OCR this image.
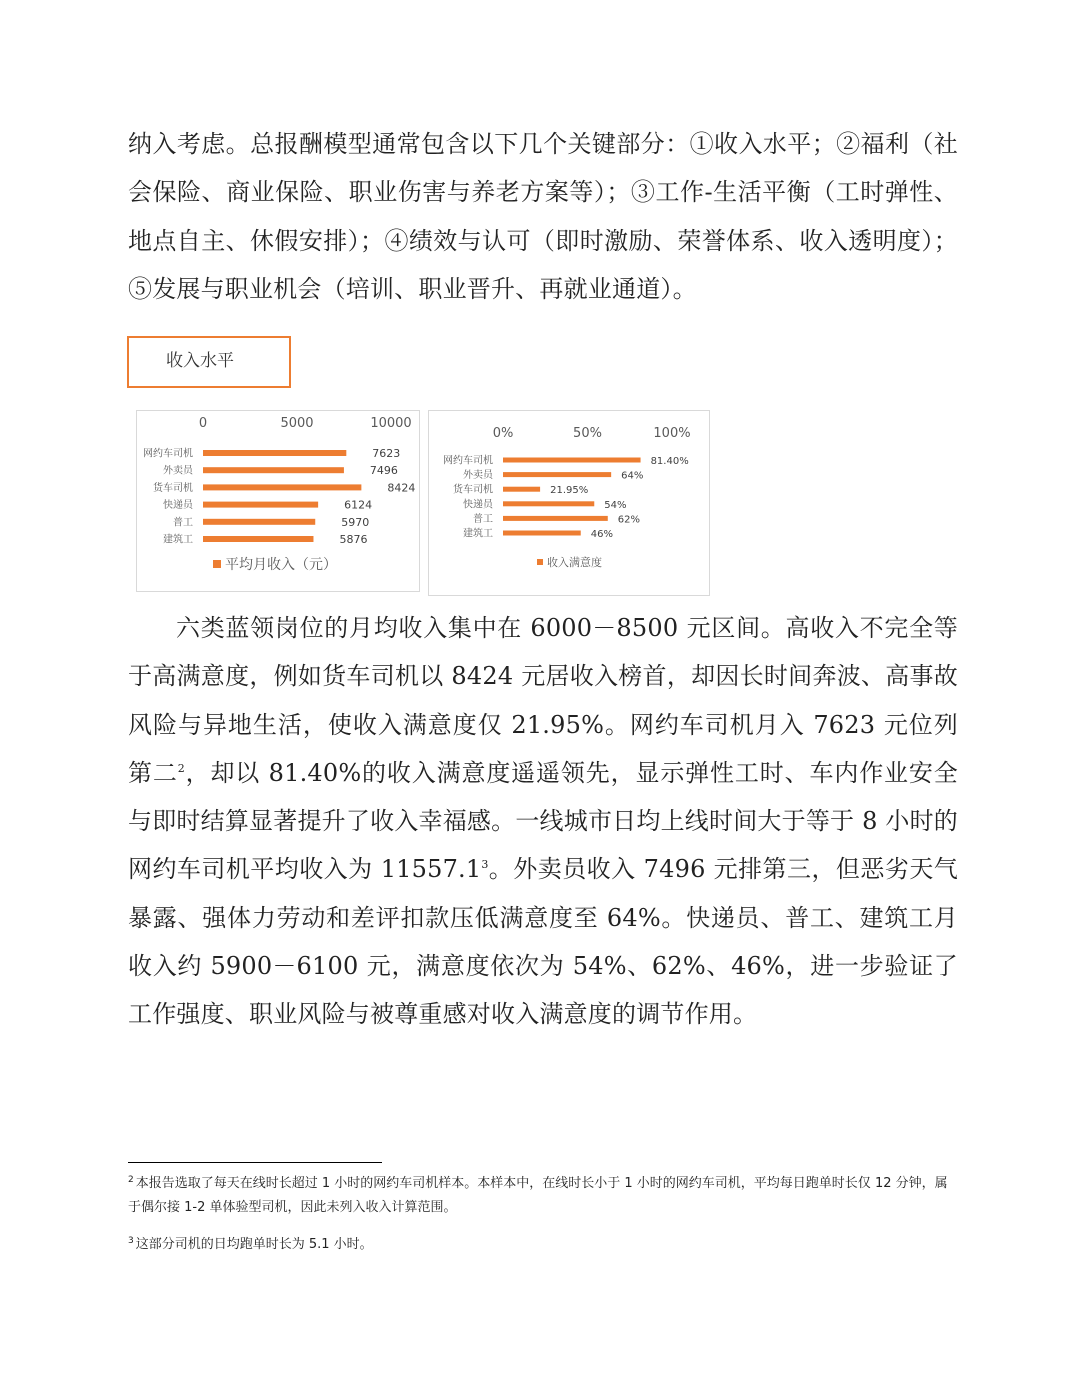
纳入考虑。总报酬模型通常包含以下几个关键部分：①收入水平；②福利（社会保险、商业保险、职业伤害与养老方案等）；③工作-生活平衡（工时弹性、地点自主、休假安排）；④绩效与认可（即时激励、荣誉体系、收入透明度）；⑤发展与职业机会（培训、职业晋升、再就业通道）。

收入水平
0	5000	10000
网约车司机	7623
外卖员	7496
货车司机	8424
快递员	6124
普工	5970
建筑工	5876
平均月收入（元）
0%	50%	100%
网约车司机	81.40%
外卖员	64%
货车司机	21.95%
快递员	54%
普工	62%
建筑工	46%
收入满意度

六类蓝领岗位的月均收入集中在 6000－8500 元区间。高收入不完全等于高满意度，例如货车司机以 8424 元居收入榜首，却因长时间奔波、高事故风险与异地生活，使收入满意度仅 21.95%。网约车司机月入 7623 元位列第二$^2$，却以 81.40%的收入满意度遥遥领先，显示弹性工时、车内作业安全与即时结算显著提升了收入幸福感。一线城市日均上线时间大于等于 8 小时的网约车司机平均收入为 11557.1$^3$。外卖员收入 7496 元排第三，但恶劣天气暴露、强体力劳动和差评扣款压低满意度至 64%。快递员、普工、建筑工月收入约 5900－6100 元，满意度依次为 54%、62%、46%，进一步验证了工作强度、职业风险与被尊重感对收入满意度的调节作用。

$^2$ 本报告选取了每天在线时长超过 1 小时的网约车司机样本。本样本中，在线时长小于 1 小时的网约车司机，平均每日跑单时长仅 12 分钟，属于偶尔接 1-2 单体验型司机，因此未列入收入计算范围。
$^3$ 这部分司机的日均跑单时长为 5.1 小时。
